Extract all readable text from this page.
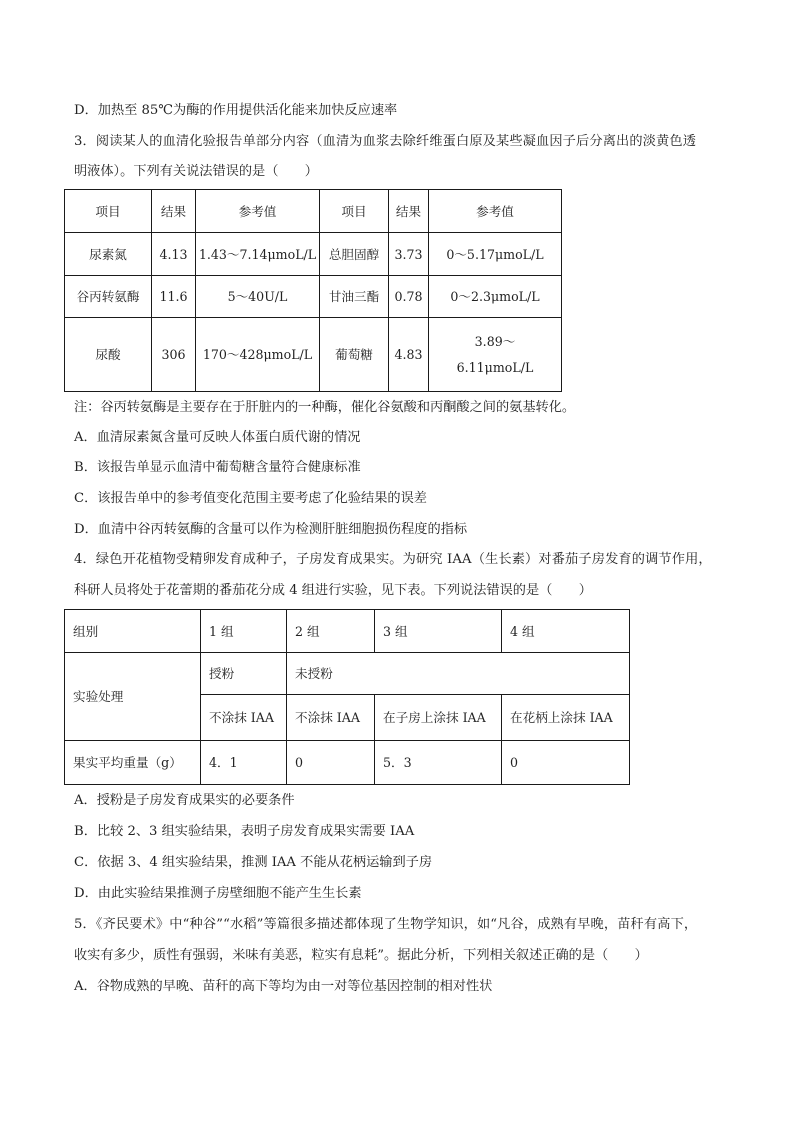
D．加热至 85℃为酶的作用提供活化能来加快反应速率
3．阅读某人的血清化验报告单部分内容（血清为血浆去除纤维蛋白原及某些凝血因子后分离出的淡黄色透
明液体）。下列有关说法错误的是（　　）
项目	结果	参考值	项目	结果	参考值
尿素氮	4.13	1.43～7.14μmoL/L	总胆固醇	3.73	0～5.17μmoL/L
谷丙转氨酶	11.6	5～40U/L	甘油三酯	0.78	0～2.3μmoL/L
尿酸	306	170～428μmoL/L	葡萄糖	4.83	3.89～
6.11μmoL/L
注：谷丙转氨酶是主要存在于肝脏内的一种酶，催化谷氨酸和丙酮酸之间的氨基转化。
A．血清尿素氮含量可反映人体蛋白质代谢的情况
B．该报告单显示血清中葡萄糖含量符合健康标准
C．该报告单中的参考值变化范围主要考虑了化验结果的误差
D．血清中谷丙转氨酶的含量可以作为检测肝脏细胞损伤程度的指标
4．绿色开花植物受精卵发育成种子，子房发育成果实。为研究 IAA（生长素）对番茄子房发育的调节作用，
科研人员将处于花蕾期的番茄花分成 4 组进行实验，见下表。下列说法错误的是（　　）
组别	1 组	2 组	3 组	4 组
实验处理	授粉	未授粉		
	不涂抹 IAA	不涂抹 IAA	在子房上涂抹 IAA	在花柄上涂抹 IAA
果实平均重量（g）	4．1	0	5．3	0
A．授粉是子房发育成果实的必要条件
B．比较 2、3 组实验结果，表明子房发育成果实需要 IAA
C．依据 3、4 组实验结果，推测 IAA 不能从花柄运输到子房
D．由此实验结果推测子房壁细胞不能产生生长素
5．《齐民要术》中“种谷”“水稻”等篇很多描述都体现了生物学知识，如“凡谷，成熟有早晚，苗秆有高下，
收实有多少，质性有强弱，米味有美恶，粒实有息耗”。据此分析，下列相关叙述正确的是（　　）
A．谷物成熟的早晚、苗秆的高下等均为由一对等位基因控制的相对性状
